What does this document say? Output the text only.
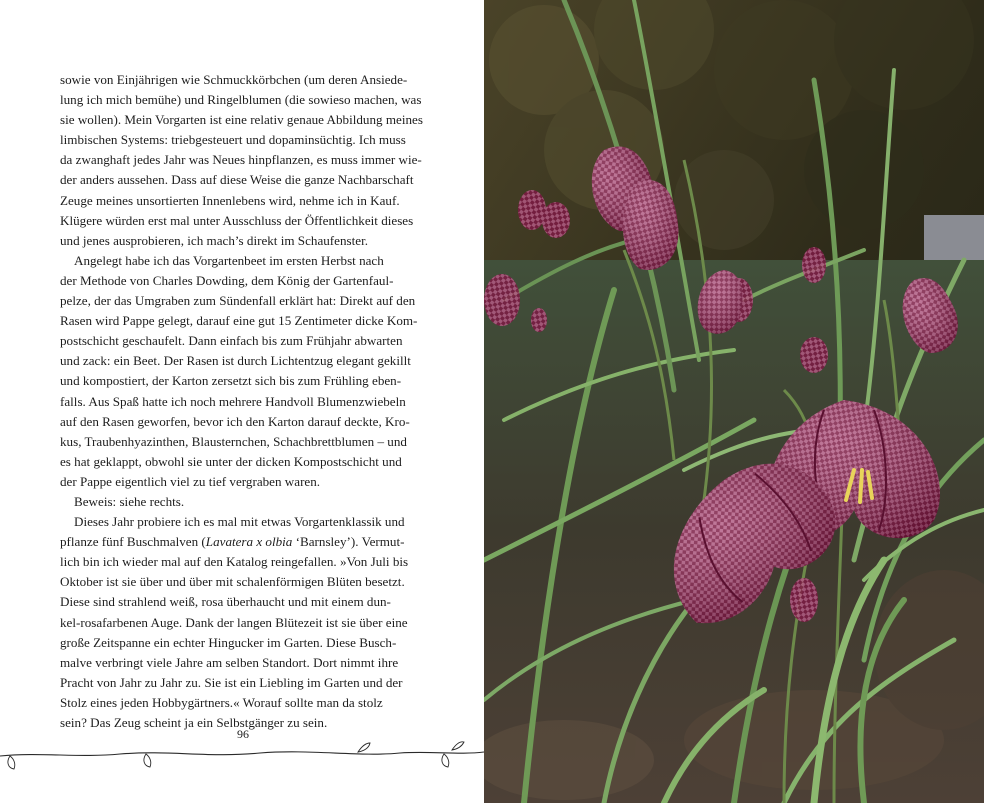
sowie von Einjährigen wie Schmuckkörbchen (um deren Ansiede-
lung ich mich bemühe) und Ringelblumen (die sowieso machen, was
sie wollen). Mein Vorgarten ist eine relativ genaue Abbildung meines
limbischen Systems: triebgesteuert und dopaminsüchtig. Ich muss
da zwanghaft jedes Jahr was Neues hinpflanzen, es muss immer wie-
der anders aussehen. Dass auf diese Weise die ganze Nachbarschaft
Zeuge meines unsortierten Innenlebens wird, nehme ich in Kauf.
Klügere würden erst mal unter Ausschluss der Öffentlichkeit dieses
und jenes ausprobieren, ich mach’s direkt im Schaufenster.

Angelegt habe ich das Vorgartenbeet im ersten Herbst nach
der Methode von Charles Dowding, dem König der Gartenfaul-
pelze, der das Umgraben zum Sündenfall erklärt hat: Direkt auf den
Rasen wird Pappe gelegt, darauf eine gut 15 Zentimeter dicke Kom-
postschicht geschaufelt. Dann einfach bis zum Frühjahr abwarten
und zack: ein Beet. Der Rasen ist durch Lichtentzug elegant gekillt
und kompostiert, der Karton zersetzt sich bis zum Frühling eben-
falls. Aus Spaß hatte ich noch mehrere Handvoll Blumenzwiebeln
auf den Rasen geworfen, bevor ich den Karton darauf deckte, Kro-
kus, Traubenhyazinthen, Blausternchen, Schachbrettblumen – und
es hat geklappt, obwohl sie unter der dicken Kompostschicht und
der Pappe eigentlich viel zu tief vergraben waren.

Beweis: siehe rechts.

Dieses Jahr probiere ich es mal mit etwas Vorgartenklassik und
pflanze fünf Buschmalven (Lavatera x olbia ‘Barnsley’). Vermut-
lich bin ich wieder mal auf den Katalog reingefallen. »Von Juli bis
Oktober ist sie über und über mit schalenförmigen Blüten besetzt.
Diese sind strahlend weiß, rosa überhaucht und mit einem dun-
kel-rosafarbenen Auge. Dank der langen Blütezeit ist sie über eine
große Zeitspanne ein echter Hingucker im Garten. Diese Busch-
malve verbringt viele Jahre am selben Standort. Dort nimmt ihre
Pracht von Jahr zu Jahr zu. Sie ist ein Liebling im Garten und der
Stolz eines jeden Hobbygärtners.« Worauf sollte man da stolz
sein? Das Zeug scheint ja ein Selbstgänger zu sein.

96
